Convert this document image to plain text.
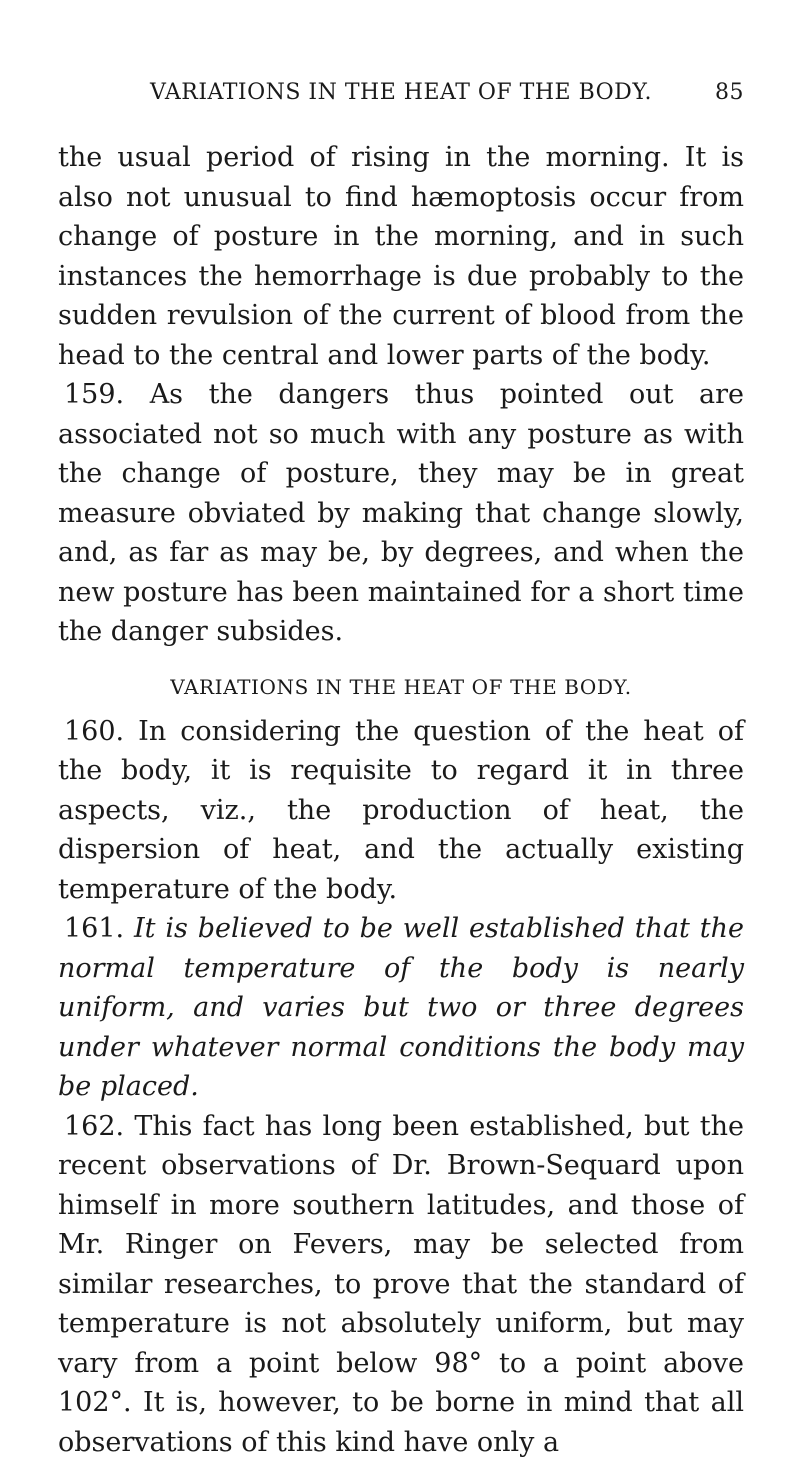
VARIATIONS IN THE HEAT OF THE BODY.	85

the usual period of rising in the morning. It is also not unusual to find hæmoptosis occur from change of posture in the morning, and in such instances the hemorrhage is due probably to the sudden revulsion of the current of blood from the head to the central and lower parts of the body.

159. As the dangers thus pointed out are associated not so much with any posture as with the change of posture, they may be in great measure obviated by making that change slowly, and, as far as may be, by degrees, and when the new posture has been maintained for a short time the danger subsides.

VARIATIONS IN THE HEAT OF THE BODY.

160. In considering the question of the heat of the body, it is requisite to regard it in three aspects, viz., the production of heat, the dispersion of heat, and the actually existing temperature of the body.

161. It is believed to be well established that the normal temperature of the body is nearly uniform, and varies but two or three degrees under whatever normal conditions the body may be placed.

162. This fact has long been established, but the recent observations of Dr. Brown-Sequard upon himself in more southern latitudes, and those of Mr. Ringer on Fevers, may be selected from similar researches, to prove that the standard of temperature is not absolutely uniform, but may vary from a point below 98° to a point above 102°. It is, however, to be borne in mind that all observations of this kind have only a
